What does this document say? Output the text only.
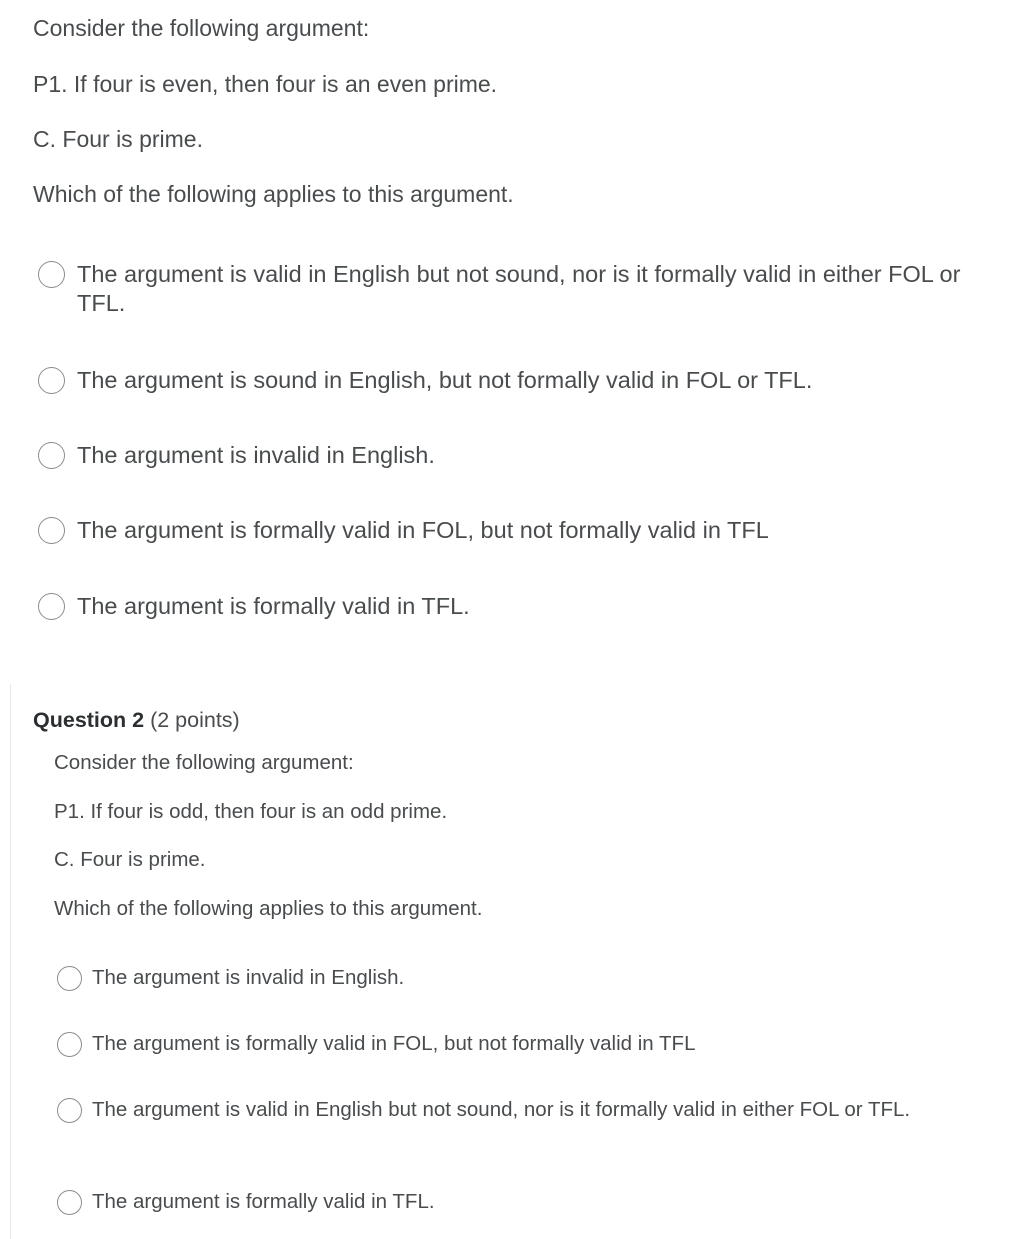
Consider the following argument:
P1. If four is even, then four is an even prime.
C. Four is prime.
Which of the following applies to this argument.
The argument is valid in English but not sound, nor is it formally valid in either FOL or TFL.
The argument is sound in English, but not formally valid in FOL or TFL.
The argument is invalid in English.
The argument is formally valid in FOL, but not formally valid in TFL
The argument is formally valid in TFL.
Question 2 (2 points)
Consider the following argument:
P1. If four is odd, then four is an odd prime.
C. Four is prime.
Which of the following applies to this argument.
The argument is invalid in English.
The argument is formally valid in FOL, but not formally valid in TFL
The argument is valid in English but not sound, nor is it formally valid in either FOL or TFL.
The argument is formally valid in TFL.
